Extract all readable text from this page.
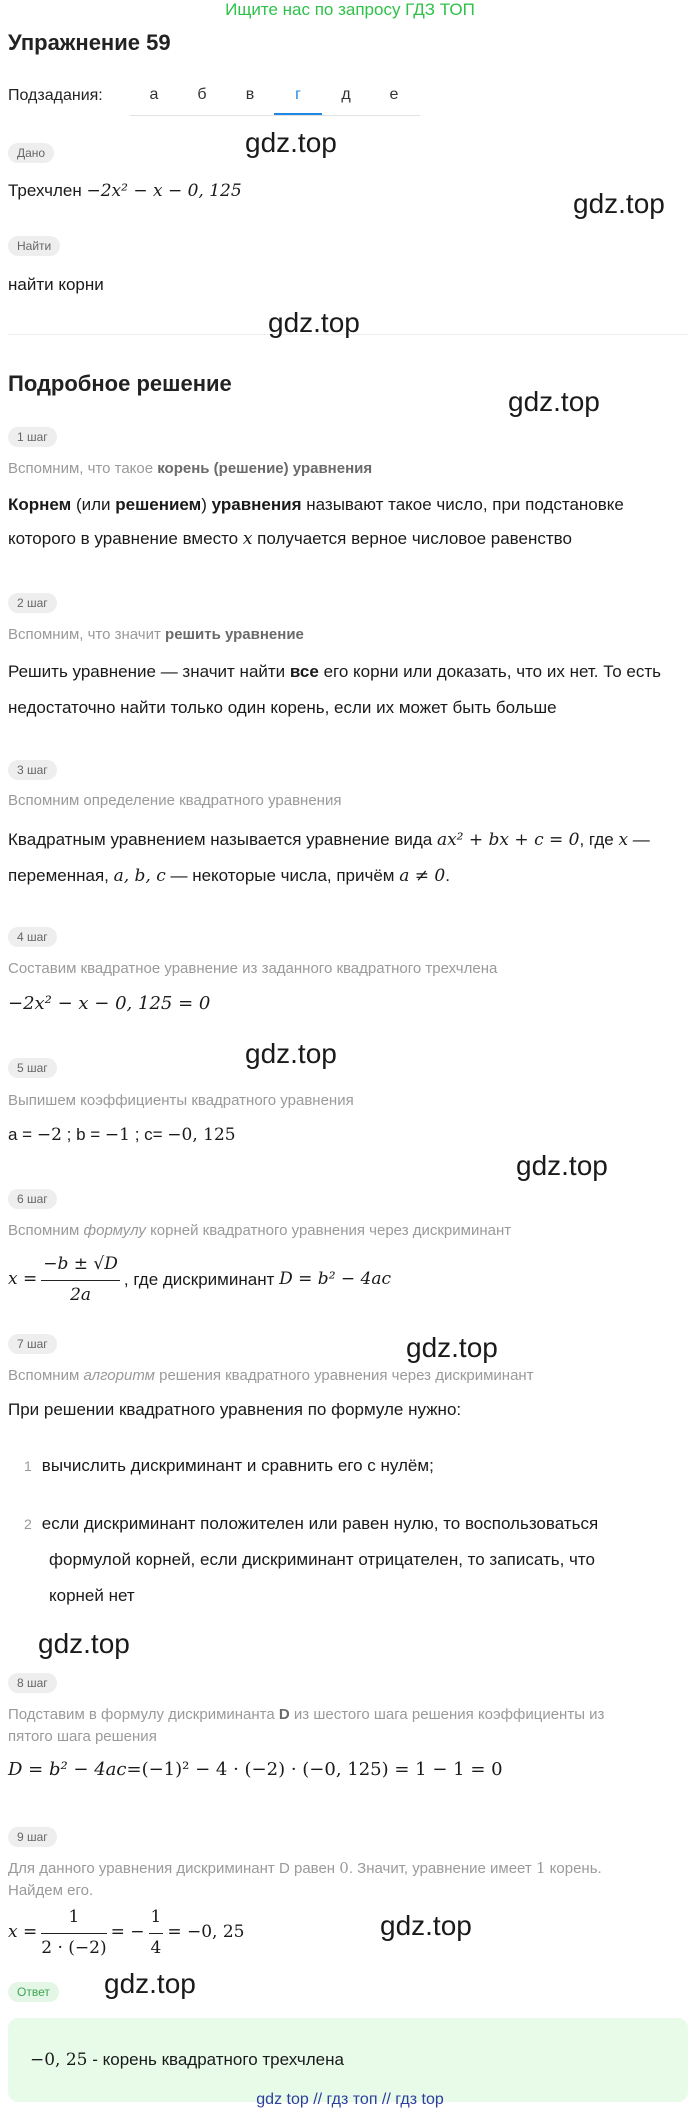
Ищите нас по запросу ГДЗ ТОП
Упражнение 59
Подзадания:	а	б	в	г	д	е
Дано
Трехчлен −2x² − x − 0, 125
Найти
найти корни
Подробное решение
1 шаг
Вспомним, что такое корень (решение) уравнения
Корнем (или решением) уравнения называют такое число, при подстановке которого в уравнение вместо x получается верное числовое равенство
2 шаг
Вспомним, что значит решить уравнение
Решить уравнение — значит найти все его корни или доказать, что их нет. То есть недостаточно найти только один корень, если их может быть больше
3 шаг
Вспомним определение квадратного уравнения
Квадратным уравнением называется уравнение вида ax² + bx + c = 0, где x — переменная, a, b, c — некоторые числа, причём a ≠ 0.
4 шаг
Составим квадратное уравнение из заданного квадратного трехчлена
−2x² − x − 0, 125 = 0
5 шаг
Выпишем коэффициенты квадратного уравнения
a = −2 ; b = −1 ; c= −0, 125
6 шаг
Вспомним формулу корней квадратного уравнения через дискриминант
$x = \frac{-b \pm √D}{2a}$ , где дискриминант
D = b² − 4ac
7 шаг
Вспомним алгоритм решения квадратного уравнения через дискриминант
При решении квадратного уравнения по формуле нужно:
1 вычислить дискриминант и сравнить его с нулём;
2 если дискриминант положителен или равен нулю, то воспользоваться
формулой корней, если дискриминант отрицателен, то записать, что
корней нет
8 шаг
Подставим в формулу дискриминанта D из шестого шага решения коэффициенты из
пятого шага решения
D = b² − 4ac=(−1)² − 4 · (−2) · (−0, 125) = 1 − 1 = 0
9 шаг
Для данного уравнения дискриминант D равен 0. Значит, уравнение имеет 1 корень.
Найдем его.
$x = \frac{1}{2 \cdot (-2)}$ = − $\frac{1}{4} = -0$, 25
Ответ
−0, 25 - корень квадратного трехчлена
gdz.top
gdz.top
gdz.top
gdz.top
gdz.top
gdz.top
gdz.top
gdz.top
gdz.top
gdz.top
gdz top // гдз топ // гдз top
